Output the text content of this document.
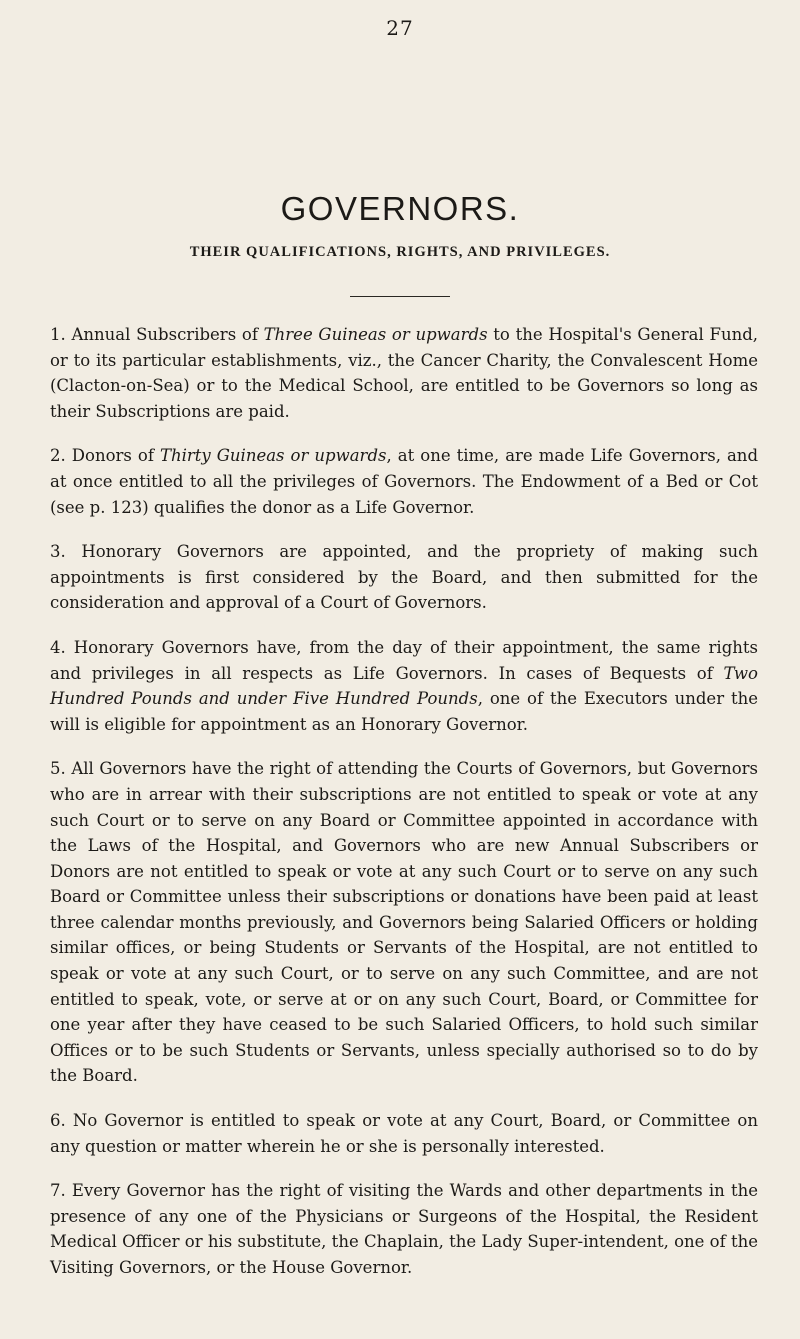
27
GOVERNORS.
THEIR QUALIFICATIONS, RIGHTS, AND PRIVILEGES.

1. Annual Subscribers of Three Guineas or upwards to the Hospital's General Fund, or to its particular establishments, viz., the Cancer Charity, the Convalescent Home (Clacton-on-Sea) or to the Medical School, are entitled to be Governors so long as their Subscriptions are paid.

2. Donors of Thirty Guineas or upwards, at one time, are made Life Governors, and at once entitled to all the privileges of Governors. The Endowment of a Bed or Cot (see p. 123) qualifies the donor as a Life Governor.

3. Honorary Governors are appointed, and the propriety of making such appointments is first considered by the Board, and then submitted for the consideration and approval of a Court of Governors.

4. Honorary Governors have, from the day of their appointment, the same rights and privileges in all respects as Life Governors. In cases of Bequests of Two Hundred Pounds and under Five Hundred Pounds, one of the Executors under the will is eligible for appointment as an Honorary Governor.

5. All Governors have the right of attending the Courts of Governors, but Governors who are in arrear with their subscriptions are not entitled to speak or vote at any such Court or to serve on any Board or Committee appointed in accordance with the Laws of the Hospital, and Governors who are new Annual Subscribers or Donors are not entitled to speak or vote at any such Court or to serve on any such Board or Committee unless their subscriptions or donations have been paid at least three calendar months previously, and Governors being Salaried Officers or holding similar offices, or being Students or Servants of the Hospital, are not entitled to speak or vote at any such Court, or to serve on any such Committee, and are not entitled to speak, vote, or serve at or on any such Court, Board, or Committee for one year after they have ceased to be such Salaried Officers, to hold such similar Offices or to be such Students or Servants, unless specially authorised so to do by the Board.

6. No Governor is entitled to speak or vote at any Court, Board, or Committee on any question or matter wherein he or she is personally interested.

7. Every Governor has the right of visiting the Wards and other departments in the presence of any one of the Physicians or Surgeons of the Hospital, the Resident Medical Officer or his substitute, the Chaplain, the Lady Super-intendent, one of the Visiting Governors, or the House Governor.
